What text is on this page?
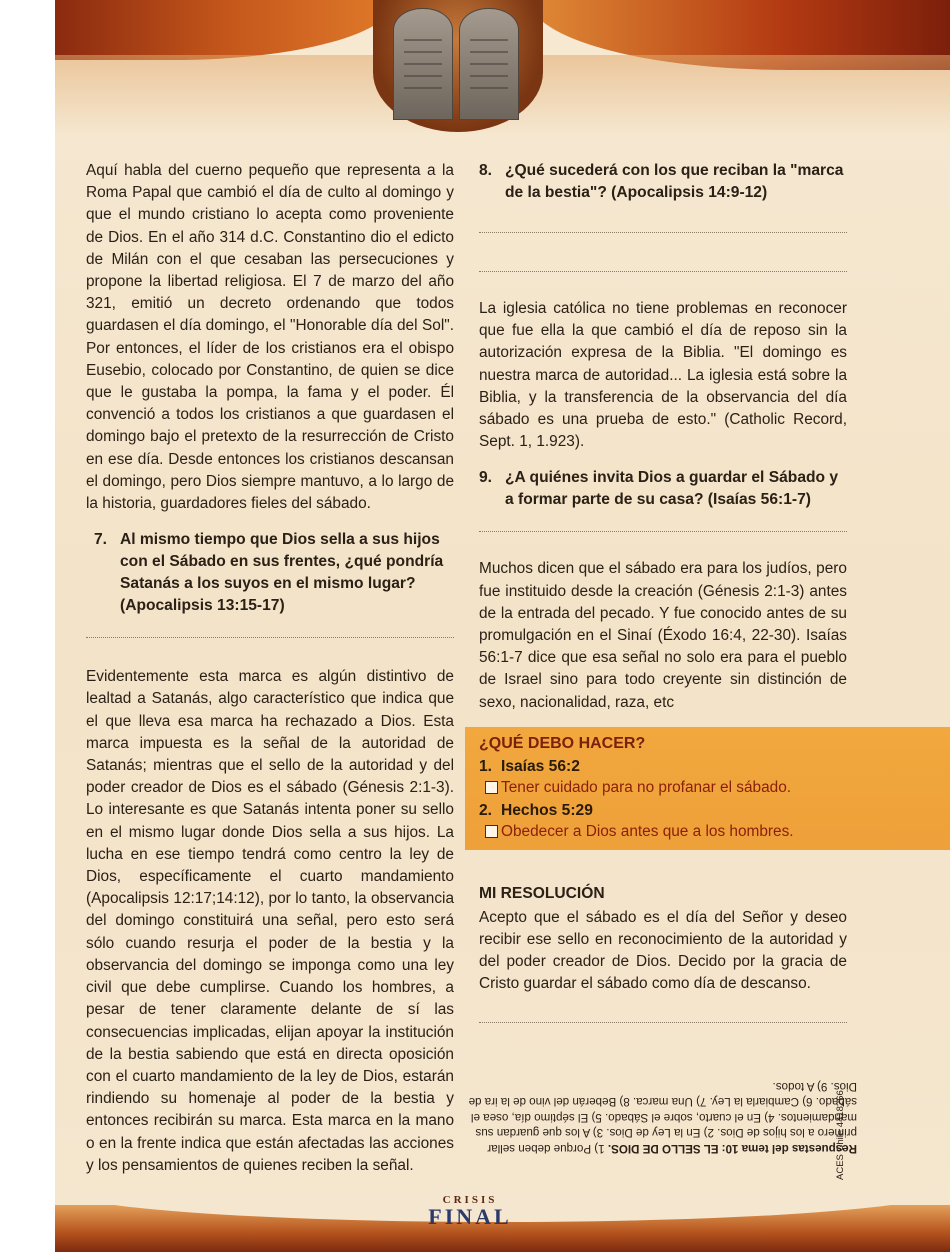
Aquí habla del cuerno pequeño que representa a la Roma Papal que cambió el día de culto al domingo y que el mundo cristiano lo acepta como proveniente de Dios. En el año 314 d.C. Constantino dio el edicto de Milán con el que cesaban las persecuciones y propone la libertad religiosa. El 7 de marzo del año 321, emitió un decreto ordenando que todos guardasen el día domingo, el "Honorable día del Sol". Por entonces, el líder de los cristianos era el obispo Eusebio, colocado por Constantino, de quien se dice que le gustaba la pompa, la fama y el poder. Él convenció a todos los cristianos a que guardasen el domingo bajo el pretexto de la resurrección de Cristo en ese día. Desde entonces los cristianos descansan el domingo, pero Dios siempre mantuvo, a lo largo de la historia, guardadores fieles del sábado.

7. Al mismo tiempo que Dios sella a sus hijos con el Sábado en sus frentes, ¿qué pondría Satanás a los suyos en el mismo lugar? (Apocalipsis 13:15-17)

Evidentemente esta marca es algún distintivo de lealtad a Satanás, algo característico que indica que el que lleva esa marca ha rechazado a Dios. Esta marca impuesta es la señal de la autoridad de Satanás; mientras que el sello de la autoridad y del poder creador de Dios es el sábado (Génesis 2:1-3). Lo interesante es que Satanás intenta poner su sello en el mismo lugar donde Dios sella a sus hijos. La lucha en ese tiempo tendrá como centro la ley de Dios, específicamente el cuarto mandamiento (Apocalipsis 12:17;14:12), por lo tanto, la observancia del domingo constituirá una señal, pero esto será sólo cuando resurja el poder de la bestia y la observancia del domingo se imponga como una ley civil que debe cumplirse. Cuando los hombres, a pesar de tener claramente delante de sí las consecuencias implicadas, elijan apoyar la institución de la bestia sabiendo que está en directa oposición con el cuarto mandamiento de la ley de Dios, estarán rindiendo su homenaje al poder de la bestia y entonces recibirán su marca. Esta marca en la mano o en la frente indica que están afectadas las acciones y los pensamientos de quienes reciben la señal.

8. ¿Qué sucederá con los que reciban la "marca de la bestia"? (Apocalipsis 14:9-12)

La iglesia católica no tiene problemas en reconocer que fue ella la que cambió el día de reposo sin la autorización expresa de la Biblia. "El domingo es nuestra marca de autoridad... La iglesia está sobre la Biblia, y la transferencia de la observancia del día sábado es una prueba de esto." (Catholic Record, Sept. 1, 1.923).

9. ¿A quiénes invita Dios a guardar el Sábado y a formar parte de su casa? (Isaías 56:1-7)

Muchos dicen que el sábado era para los judíos, pero fue instituido desde la creación (Génesis 2:1-3) antes de la entrada del pecado. Y fue conocido antes de su promulgación en el Sinaí (Éxodo 16:4, 22-30). Isaías 56:1-7 dice que esa señal no solo era para el pueblo de Israel sino para todo creyente sin distinción de sexo, nacionalidad, raza, etc

¿QUÉ DEBO HACER?
1. Isaías 56:2
Tener cuidado para no profanar el sábado.
2. Hechos 5:29
Obedecer a Dios antes que a los hombres.
MI RESOLUCIÓN

Acepto que el sábado es el día del Señor y deseo recibir ese sello en reconocimiento de la autoridad y del poder creador de Dios. Decido por la gracia de Cristo guardar el sábado como día de descanso.

Respuestas del tema 10: EL SELLO DE DIOS. 1) Porque deben sellar primero a los hijos de Dios. 2) En la Ley de Dios. 3) A los que guardan sus mandamientos. 4) En el cuarto, sobre el Sábado. 5) El séptimo día, osea el sábado. 6) Cambiarla la Ley. 7) Una marca. 8) Beberán del vino de la ira de Dios. 9) A todos.
ACES Chile 4418266
CRISIS
FINAL
